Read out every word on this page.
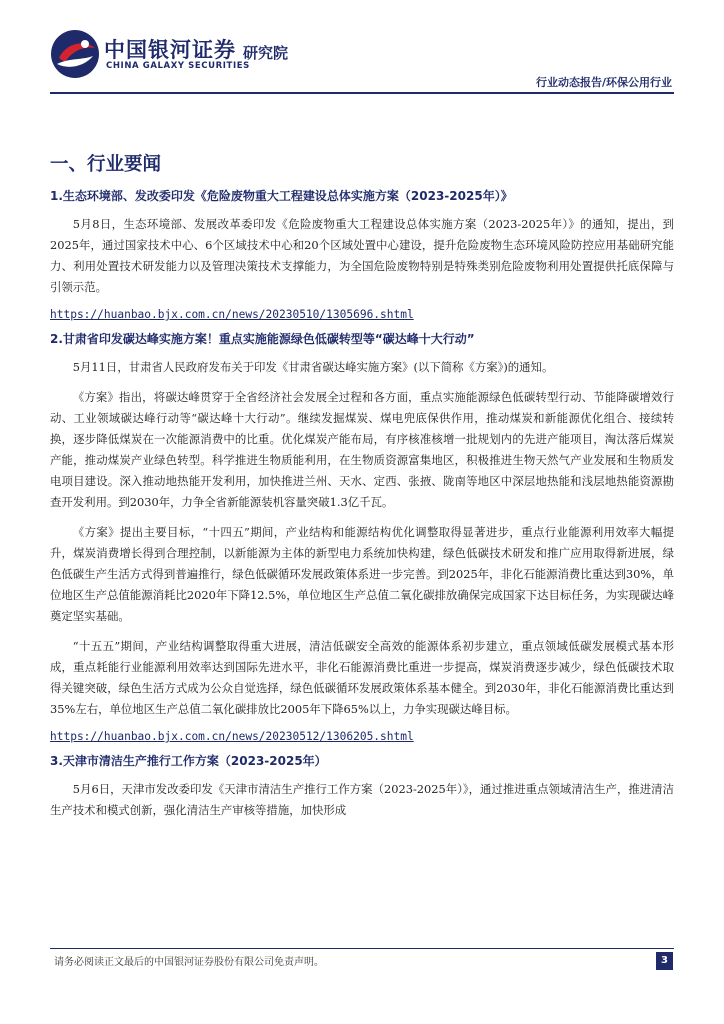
中国银河证券
CHINA GALAXY SECURITIES
研究院
行业动态报告/环保公用行业
一、行业要闻
1.生态环境部、发改委印发《危险废物重大工程建设总体实施方案（2023-2025年）》

5月8日，生态环境部、发展改革委印发《危险废物重大工程建设总体实施方案（2023-2025年）》的通知，提出，到2025年，通过国家技术中心、6个区域技术中心和20个区域处置中心建设，提升危险废物生态环境风险防控应用基础研究能力、利用处置技术研发能力以及管理决策技术支撑能力，为全国危险废物特别是特殊类别危险废物利用处置提供托底保障与引领示范。

https://huanbao.bjx.com.cn/news/20230510/1305696.shtml
2.甘肃省印发碳达峰实施方案！重点实施能源绿色低碳转型等“碳达峰十大行动”

5月11日，甘肃省人民政府发布关于印发《甘肃省碳达峰实施方案》(以下简称《方案》)的通知。

《方案》指出，将碳达峰贯穿于全省经济社会发展全过程和各方面，重点实施能源绿色低碳转型行动、节能降碳增效行动、工业领域碳达峰行动等“碳达峰十大行动”。继续发掘煤炭、煤电兜底保供作用，推动煤炭和新能源优化组合、接续转换，逐步降低煤炭在一次能源消费中的比重。优化煤炭产能布局，有序核准核增一批规划内的先进产能项目，淘汰落后煤炭产能，推动煤炭产业绿色转型。科学推进生物质能利用，在生物质资源富集地区，积极推进生物天然气产业发展和生物质发电项目建设。深入推动地热能开发利用，加快推进兰州、天水、定西、张掖、陇南等地区中深层地热能和浅层地热能资源勘查开发利用。到2030年，力争全省新能源装机容量突破1.3亿千瓦。

《方案》提出主要目标，“十四五”期间，产业结构和能源结构优化调整取得显著进步，重点行业能源利用效率大幅提升，煤炭消费增长得到合理控制，以新能源为主体的新型电力系统加快构建，绿色低碳技术研发和推广应用取得新进展，绿色低碳生产生活方式得到普遍推行，绿色低碳循环发展政策体系进一步完善。到2025年，非化石能源消费比重达到30%，单位地区生产总值能源消耗比2020年下降12.5%，单位地区生产总值二氧化碳排放确保完成国家下达目标任务，为实现碳达峰奠定坚实基础。

“十五五”期间，产业结构调整取得重大进展，清洁低碳安全高效的能源体系初步建立，重点领域低碳发展模式基本形成，重点耗能行业能源利用效率达到国际先进水平，非化石能源消费比重进一步提高，煤炭消费逐步减少，绿色低碳技术取得关键突破，绿色生活方式成为公众自觉选择，绿色低碳循环发展政策体系基本健全。到2030年，非化石能源消费比重达到35%左右，单位地区生产总值二氧化碳排放比2005年下降65%以上，力争实现碳达峰目标。

https://huanbao.bjx.com.cn/news/20230512/1306205.shtml
3.天津市清洁生产推行工作方案（2023-2025年）

5月6日，天津市发改委印发《天津市清洁生产推行工作方案（2023-2025年）》，通过推进重点领域清洁生产，推进清洁生产技术和模式创新，强化清洁生产审核等措施，加快形成

请务必阅读正文最后的中国银河证券股份有限公司免责声明。	3
